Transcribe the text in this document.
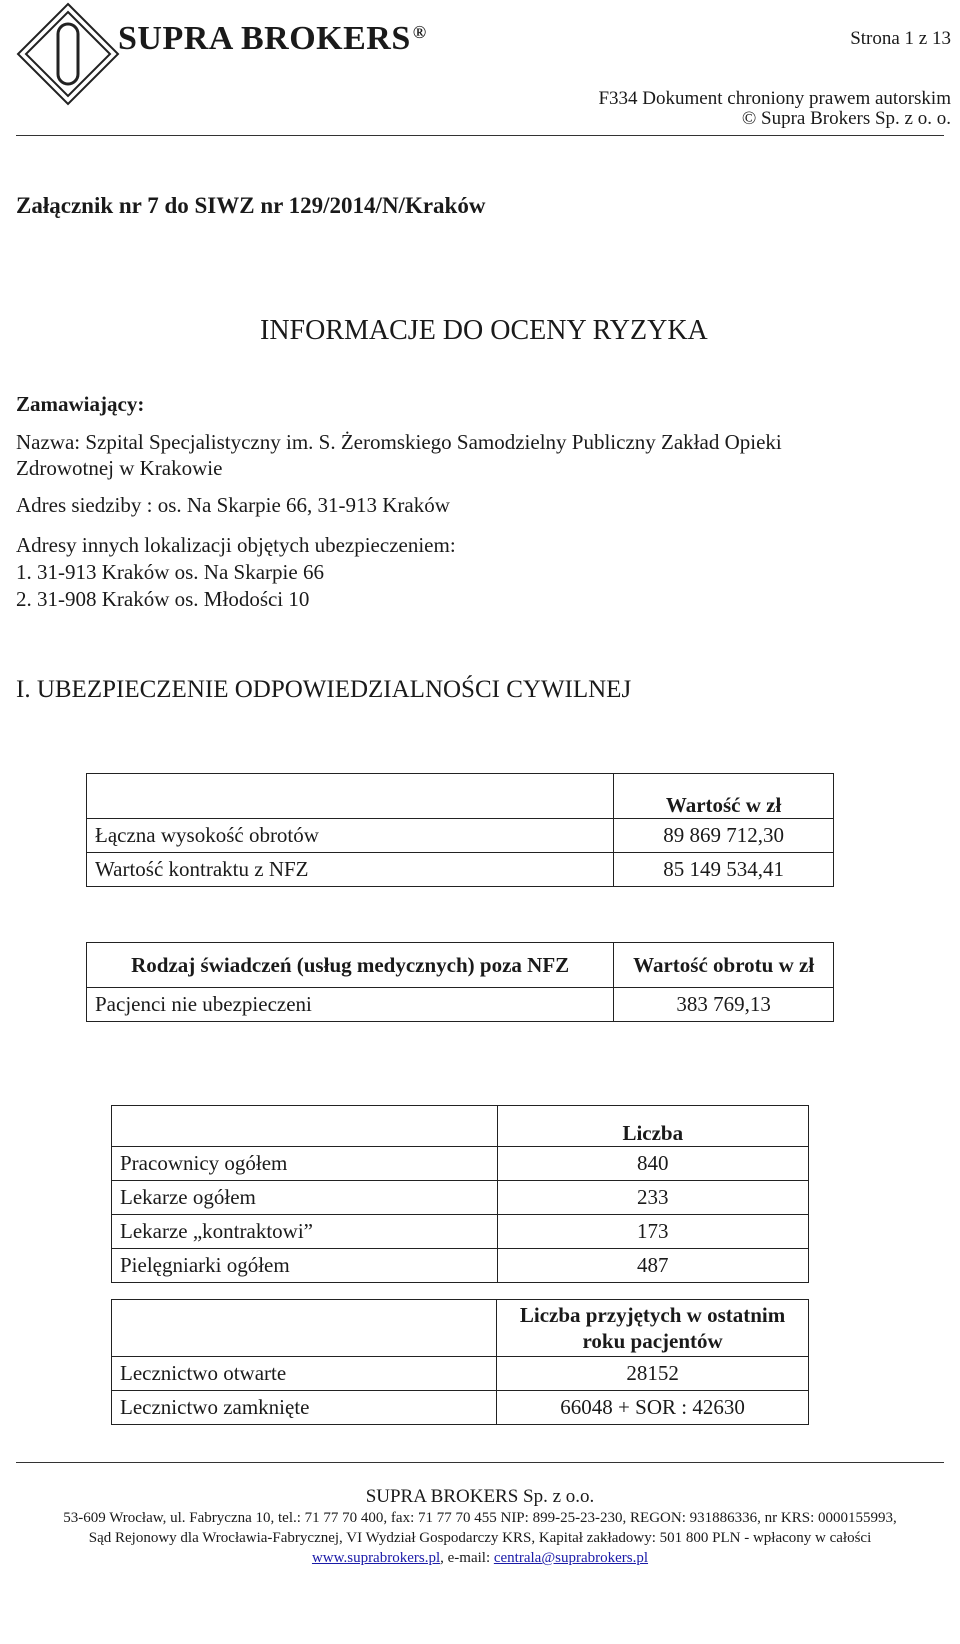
SUPRA BROKERS ®	Strona 1 z 13
F334 Dokument chroniony prawem autorskim
© Supra Brokers Sp. z o. o.
Załącznik nr 7 do SIWZ nr 129/2014/N/Kraków
INFORMACJE DO OCENY RYZYKA
Zamawiający:
Nazwa: Szpital Specjalistyczny im. S. Żeromskiego Samodzielny Publiczny Zakład Opieki
Zdrowotnej w Krakowie
Adres siedziby : os. Na Skarpie 66, 31-913 Kraków
Adresy innych lokalizacji objętych ubezpieczeniem:
1. 31-913 Kraków os. Na Skarpie 66
2. 31-908 Kraków os. Młodości 10
I. UBEZPIECZENIE ODPOWIEDZIALNOŚCI CYWILNEJ
	Wartość w zł
Łączna wysokość obrotów	89 869 712,30
Wartość kontraktu z NFZ	85 149 534,41
Rodzaj świadczeń (usług medycznych) poza NFZ	Wartość obrotu w zł
Pacjenci nie ubezpieczeni	383 769,13
	Liczba
Pracownicy ogółem	840
Lekarze ogółem	233
Lekarze „kontraktowi”	173
Pielęgniarki ogółem	487

	Liczba przyjętych w ostatnim
roku pacjentów

Lecznictwo otwarte	28152
Lecznictwo zamknięte	66048 + SOR : 42630
SUPRA BROKERS Sp. z o.o.
53-609 Wrocław, ul. Fabryczna 10, tel.: 71 77 70 400, fax: 71 77 70 455 NIP: 899-25-23-230, REGON: 931886336, nr KRS: 0000155993,
Sąd Rejonowy dla Wrocławia-Fabrycznej, VI Wydział Gospodarczy KRS, Kapitał zakładowy: 501 800 PLN - wpłacony w całości
www.suprabrokers.pl, e-mail: centrala@suprabrokers.pl
